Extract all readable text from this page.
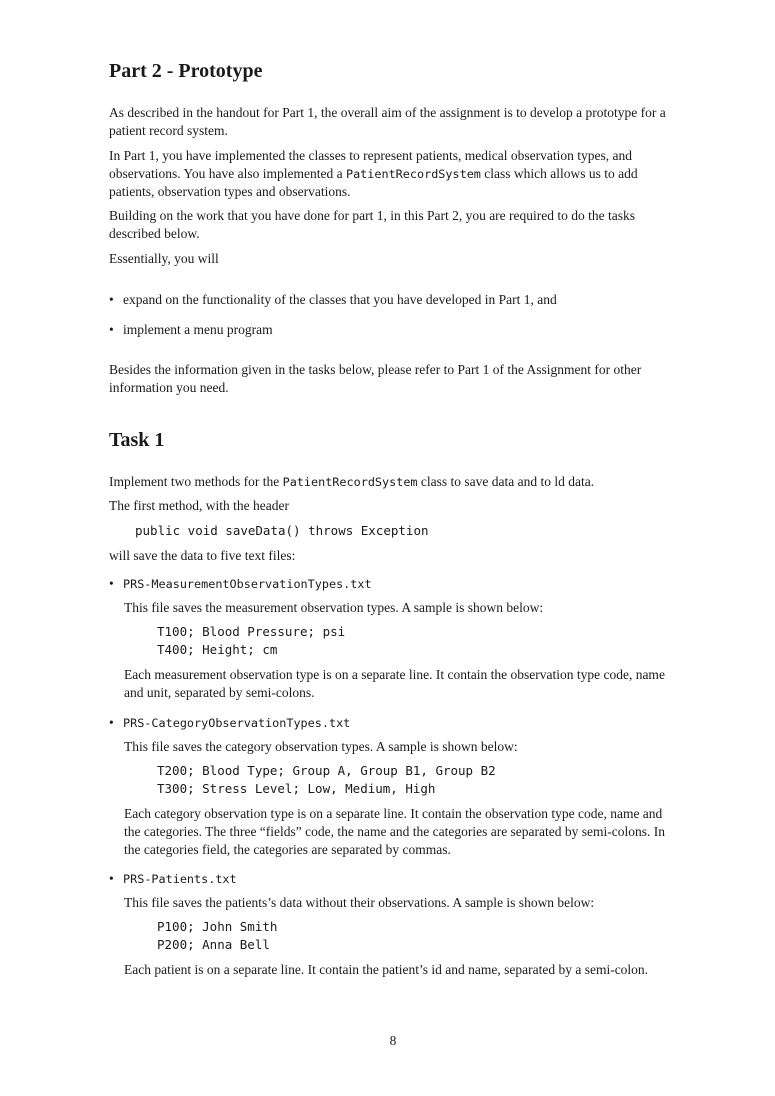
Part 2 - Prototype

As described in the handout for Part 1, the overall aim of the assignment is to develop a prototype for a patient record system.

In Part 1, you have implemented the classes to represent patients, medical observation types, and observations. You have also implemented a PatientRecordSystem class which allows us to add patients, observation types and observations.

Building on the work that you have done for part 1, in this Part 2, you are required to do the tasks described below.

Essentially, you will

• expand on the functionality of the classes that you have developed in Part 1, and
• implement a menu program

Besides the information given in the tasks below, please refer to Part 1 of the Assignment for other information you need.

Task 1

Implement two methods for the PatientRecordSystem class to save data and to ld data.

The first method, with the header

public void saveData() throws Exception

will save the data to five text files:

• PRS-MeasurementObservationTypes.txt

This file saves the measurement observation types. A sample is shown below:

T100; Blood Pressure; psi
T400; Height; cm

Each measurement observation type is on a separate line. It contain the observation type code, name and unit, separated by semi-colons.

• PRS-CategoryObservationTypes.txt

This file saves the category observation types. A sample is shown below:

T200; Blood Type; Group A, Group B1, Group B2
T300; Stress Level; Low, Medium, High

Each category observation type is on a separate line. It contain the observation type code, name and the categories. The three “fields” code, the name and the categories are separated by semi-colons. In the categories field, the categories are separated by commas.

• PRS-Patients.txt

This file saves the patients’s data without their observations. A sample is shown below:

P100; John Smith
P200; Anna Bell

Each patient is on a separate line. It contain the patient’s id and name, separated by a semi-colon.

8
